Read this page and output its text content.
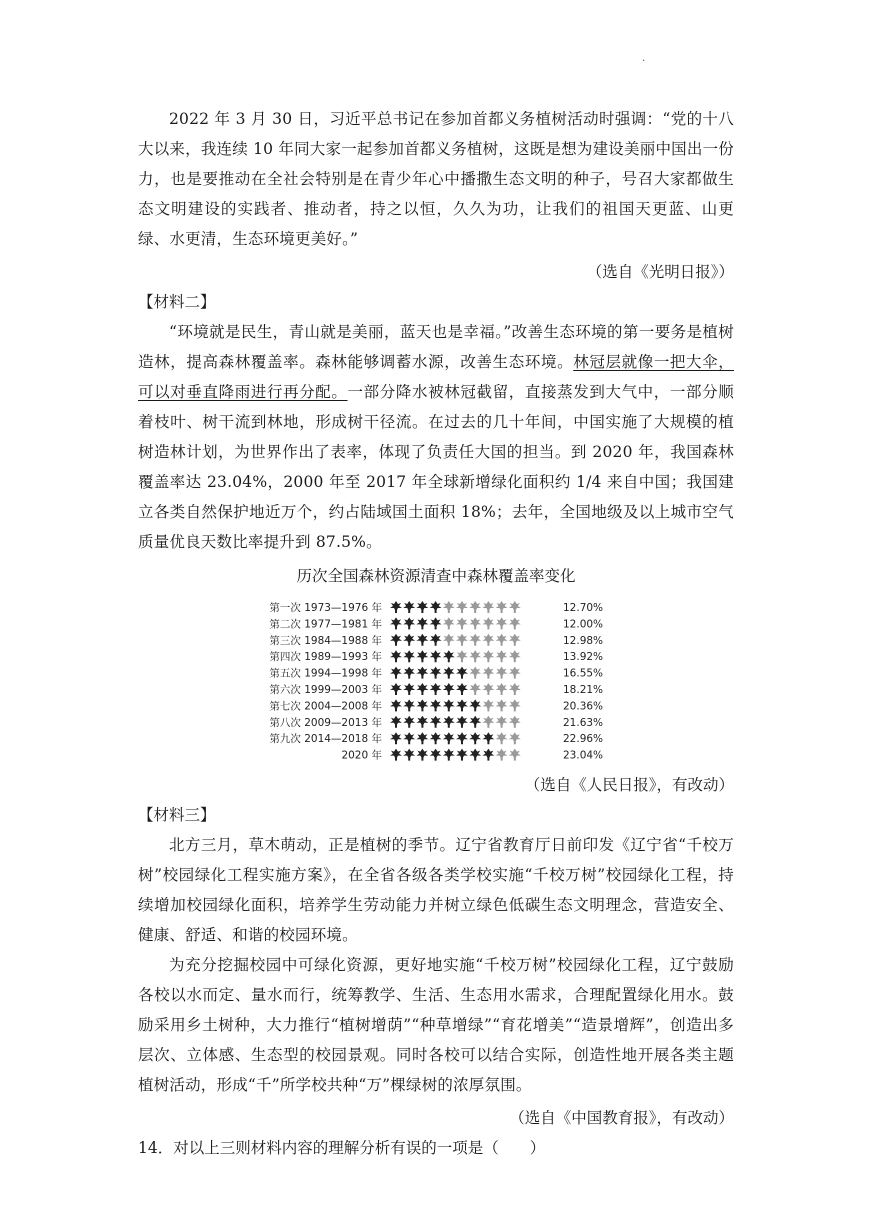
·

2022 年 3 月 30 日，习近平总书记在参加首都义务植树活动时强调：“党的十八大以来，我连续 10 年同大家一起参加首都义务植树，这既是想为建设美丽中国出一份力，也是要推动在全社会特别是在青少年心中播撒生态文明的种子，号召大家都做生态文明建设的实践者、推动者，持之以恒，久久为功，让我们的祖国天更蓝、山更绿、水更清，生态环境更美好。”

（选自《光明日报》）

【材料二】

“环境就是民生，青山就是美丽，蓝天也是幸福。”改善生态环境的第一要务是植树造林，提高森林覆盖率。森林能够调蓄水源，改善生态环境。林冠层就像一把大伞，可以对垂直降雨进行再分配。一部分降水被林冠截留，直接蒸发到大气中，一部分顺着枝叶、树干流到林地，形成树干径流。在过去的几十年间，中国实施了大规模的植树造林计划，为世界作出了表率，体现了负责任大国的担当。到 2020 年，我国森林覆盖率达 23.04%，2000 年至 2017 年全球新增绿化面积约 1/4 来自中国；我国建立各类自然保护地近万个，约占陆域国土面积 18%；去年，全国地级及以上城市空气质量优良天数比率提升到 87.5%。

历次全国森林资源清查中森林覆盖率变化
第一次 1973—1976 年	12.70%
第二次 1977—1981 年	12.00%
第三次 1984—1988 年	12.98%
第四次 1989—1993 年	13.92%
第五次 1994—1998 年	16.55%
第六次 1999—2003 年	18.21%
第七次 2004—2008 年	20.36%
第八次 2009—2013 年	21.63%
第九次 2014—2018 年	22.96%
2020 年	23.04%

（选自《人民日报》，有改动）

【材料三】

北方三月，草木萌动，正是植树的季节。辽宁省教育厅日前印发《辽宁省“千校万树”校园绿化工程实施方案》，在全省各级各类学校实施“千校万树”校园绿化工程，持续增加校园绿化面积，培养学生劳动能力并树立绿色低碳生态文明理念，营造安全、健康、舒适、和谐的校园环境。

为充分挖掘校园中可绿化资源，更好地实施“千校万树”校园绿化工程，辽宁鼓励各校以水而定、量水而行，统筹教学、生活、生态用水需求，合理配置绿化用水。鼓励采用乡土树种，大力推行“植树增荫”“种草增绿”“育花增美”“造景增辉”，创造出多层次、立体感、生态型的校园景观。同时各校可以结合实际，创造性地开展各类主题植树活动，形成“千”所学校共种“万”棵绿树的浓厚氛围。

（选自《中国教育报》，有改动）

14．对以上三则材料内容的理解分析有误的一项是（　　）
